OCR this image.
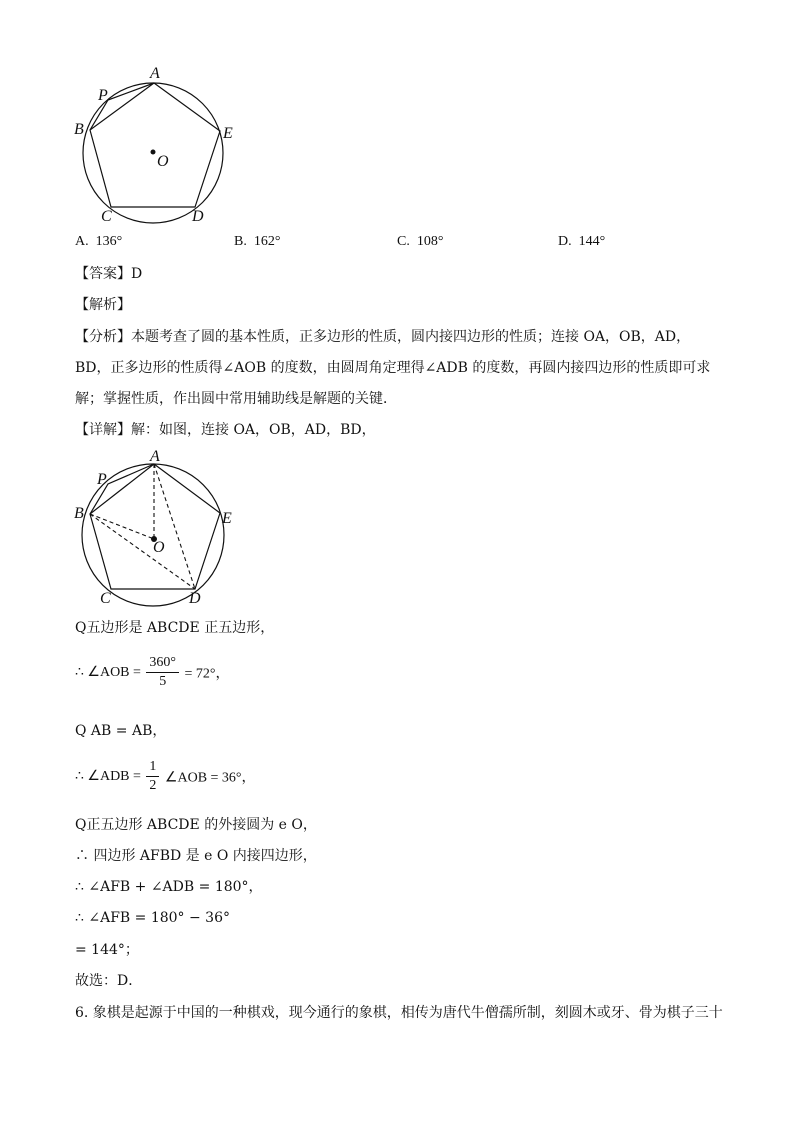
A
P
B	E
O
C	D
A. 136°	B. 162°	C. 108°	D. 144°
【答案】D
【解析】
【分析】本题考查了圆的基本性质，正多边形的性质，圆内接四边形的性质；连接 OA，OB，AD，
BD，正多边形的性质得∠AOB 的度数，由圆周角定理得∠ADB 的度数，再圆内接四边形的性质即可求
解；掌握性质，作出圆中常用辅助线是解题的关键．
【详解】解：如图，连接 OA，OB，AD，BD，
A
P
B	E
O
C	D
Q五边形是 ABCDE 正五边形，
∴ ∠AOB = $\frac{360^\circ}{5} = 72^\circ$，
Q AB = AB，
∴ ∠ADB = $\frac{1}{2}$ ∠AOB = 36°，
Q正五边形 ABCDE 的外接圆为 e O，
∴ 四边形 AFBD 是 e O 内接四边形，
∴ ∠AFB + ∠ADB = 180°，
∴ ∠AFB = 180° − 36°
= 144°；
故选：D．
6. 象棋是起源于中国的一种棋戏，现今通行的象棋，相传为唐代牛僧孺所制，刻圆木或牙、骨为棋子三十
